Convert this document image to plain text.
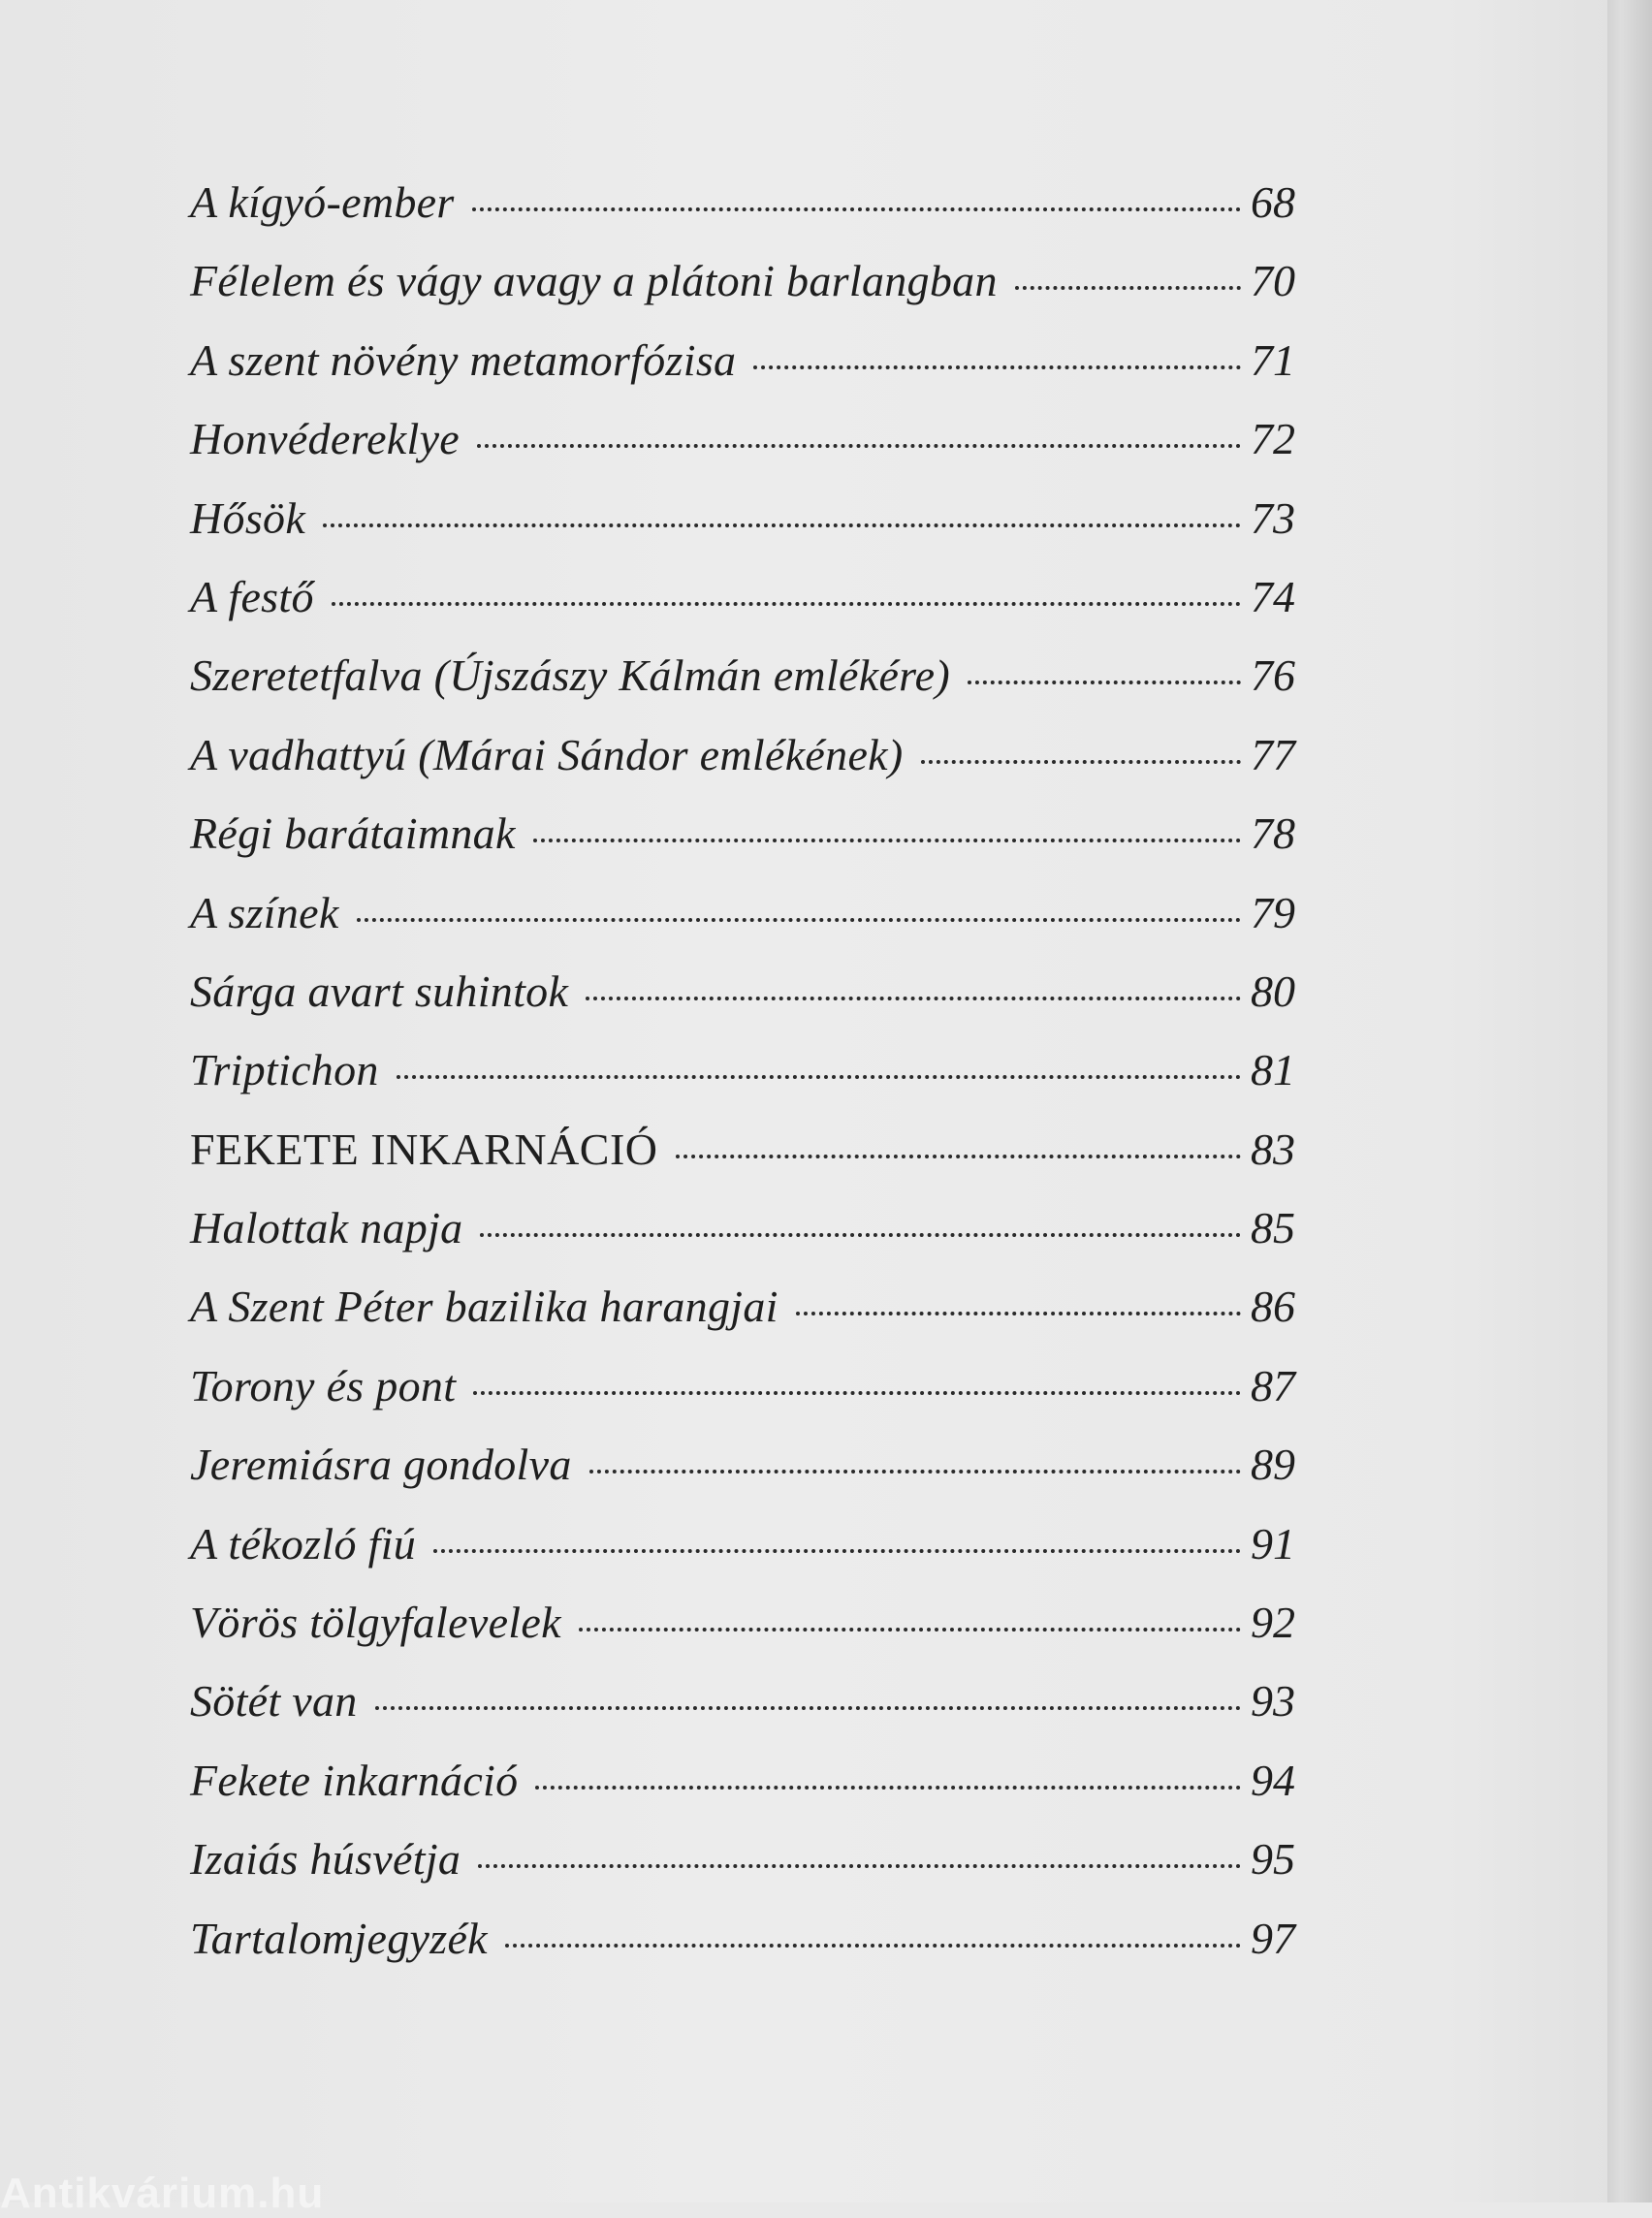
A kígyó-ember	68
Félelem és vágy avagy a plátoni barlangban	70
A szent növény metamorfózisa	71
Honvédereklye	72
Hősök	73
A festő	74
Szeretetfalva (Újszászy Kálmán emlékére)	76
A vadhattyú (Márai Sándor emlékének)	77
Régi barátaimnak	78
A színek	79
Sárga avart suhintok	80
Triptichon	81
FEKETE INKARNÁCIÓ	83
Halottak napja	85
A Szent Péter bazilika harangjai	86
Torony és pont	87
Jeremiásra gondolva	89
A tékozló fiú	91
Vörös tölgyfalevelek	92
Sötét van	93
Fekete inkarnáció	94
Izaiás húsvétja	95
Tartalomjegyzék	97
Antikvárium.hu
